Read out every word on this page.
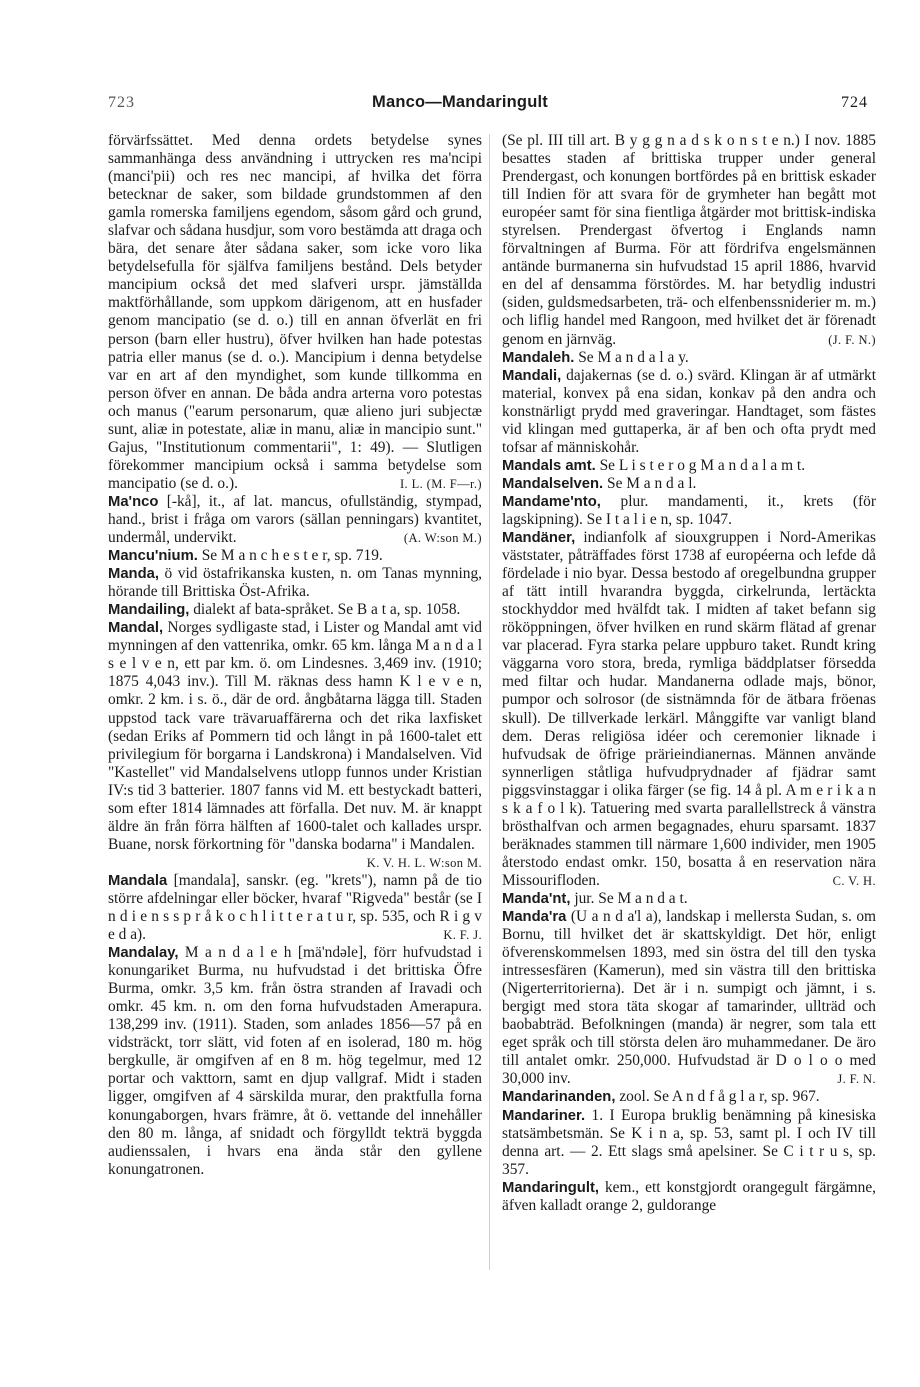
723	Manco—Mandaringult	724

förvärfssättet. Med denna ordets betydelse synes sammanhänga dess användning i uttrycken res ma'ncipi (manci'pii) och res nec mancipi, af hvilka det förra betecknar de saker, som bildade grundstommen af den gamla romerska familjens egendom, såsom gård och grund, slafvar och sådana husdjur, som voro bestämda att draga och bära, det senare åter sådana saker, som icke voro lika betydelsefulla för själfva familjens bestånd. Dels betyder mancipium också det med slafveri urspr. jämställda maktförhållande, som uppkom därigenom, att en husfader genom mancipatio (se d. o.) till en annan öfverlät en fri person (barn eller hustru), öfver hvilken han hade potestas patria eller manus (se d. o.). Mancipium i denna betydelse var en art af den myndighet, som kunde tillkomma en person öfver en annan. De båda andra arterna voro potestas och manus ("earum personarum, quæ alieno juri subjectæ sunt, aliæ in potestate, aliæ in manu, aliæ in mancipio sunt." Gajus, "Institutionum commentarii", 1: 49). — Slutligen förekommer mancipium också i samma betydelse som mancipatio (se d. o.).	I. L. (M. F—r.)

Ma'nco [-kå], it., af lat. mancus, ofullständig, stympad, hand., brist i fråga om varors (sällan penningars) kvantitet, undermål, undervikt.	(A. W:son M.)

Mancu'nium. Se M a n c h e s t e r, sp. 719.

Manda, ö vid östafrikanska kusten, n. om Tanas mynning, hörande till Brittiska Öst-Afrika.

Mandailing, dialekt af bata-språket. Se B a t a, sp. 1058.

Mandal, Norges sydligaste stad, i Lister og Mandal amt vid mynningen af den vattenrika, omkr. 65 km. långa M a n d a l s e l v e n, ett par km. ö. om Lindesnes. 3,469 inv. (1910; 1875 4,043 inv.). Till M. räknas dess hamn K l e v e n, omkr. 2 km. i s. ö., där de ord. ångbåtarna lägga till. Staden uppstod tack vare trävaruaffärerna och det rika laxfisket (sedan Eriks af Pommern tid och långt in på 1600-talet ett privilegium för borgarna i Landskrona) i Mandalselven. Vid "Kastellet" vid Mandalselvens utlopp funnos under Kristian IV:s tid 3 batterier. 1807 fanns vid M. ett bestyckadt batteri, som efter 1814 lämnades att förfalla. Det nuv. M. är knappt äldre än från förra hälften af 1600-talet och kallades urspr. Buane, norsk förkortning för "danska bodarna" i Mandalen.
K. V. H. L. W:son M.

Mandala [mandala], sanskr. (eg. "krets"), namn på de tio större afdelningar eller böcker, hvaraf "Rigveda" består (se I n d i e n s s p r å k o c h l i t t e r a t u r, sp. 535, och R i g v e d a).	K. F. J.

Mandalay, M a n d a l e h [mä'ndəle], förr hufvudstad i konungariket Burma, nu hufvudstad i det brittiska Öfre Burma, omkr. 3,5 km. från östra stranden af Iravadi och omkr. 45 km. n. om den forna hufvudstaden Amerapura. 138,299 inv. (1911). Staden, som anlades 1856—57 på en vidsträckt, torr slätt, vid foten af en isolerad, 180 m. hög bergkulle, är omgifven af en 8 m. hög tegelmur, med 12 portar och vakttorn, samt en djup vallgraf. Midt i staden ligger, omgifven af 4 särskilda murar, den praktfulla forna konungaborgen, hvars främre, åt ö. vettande del innehåller den 80 m. långa, af snidadt och förgylldt tekträ byggda audienssalen, i hvars ena ända står den gyllene konungatronen.

(Se pl. III till art. B y g g n a d s k o n s t e n.) I nov. 1885 besattes staden af brittiska trupper under general Prendergast, och konungen bortfördes på en brittisk eskader till Indien för att svara för de grymheter han begått mot européer samt för sina fientliga åtgärder mot brittisk-indiska styrelsen. Prendergast öfvertog i Englands namn förvaltningen af Burma. För att fördrifva engelsmännen antände burmanerna sin hufvudstad 15 april 1886, hvarvid en del af densamma förstördes. M. har betydlig industri (siden, guldsmedsarbeten, trä- och elfenbenssniderier m. m.) och liflig handel med Rangoon, med hvilket det är förenadt genom en järnväg.	(J. F. N.)

Mandaleh. Se M a n d a l a y.

Mandali, dajakernas (se d. o.) svärd. Klingan är af utmärkt material, konvex på ena sidan, konkav på den andra och konstnärligt prydd med graveringar. Handtaget, som fästes vid klingan med guttaperka, är af ben och ofta prydt med tofsar af människohår.

Mandals amt. Se L i s t e r o g M a n d a l a m t.

Mandalselven. Se M a n d a l.

Mandame'nto, plur. mandamenti, it., krets (för lagskipning). Se I t a l i e n, sp. 1047.

Mandäner, indianfolk af siouxgruppen i Nord-Amerikas väststater, påträffades först 1738 af européerna och lefde då fördelade i nio byar. Dessa bestodo af oregelbundna grupper af tätt intill hvarandra byggda, cirkelrunda, lertäckta stockhyddor med hvälfdt tak. I midten af taket befann sig rököppningen, öfver hvilken en rund skärm flätad af grenar var placerad. Fyra starka pelare uppburo taket. Rundt kring väggarna voro stora, breda, rymliga bäddplatser försedda med filtar och hudar. Mandanerna odlade majs, bönor, pumpor och solrosor (de sistnämnda för de ätbara fröenas skull). De tillverkade lerkärl. Månggifte var vanligt bland dem. Deras religiösa idéer och ceremonier liknade i hufvudsak de öfrige prärieindianernas. Männen använde synnerligen ståtliga hufvudprydnader af fjädrar samt piggsvinstaggar i olika färger (se fig. 14 å pl. A m e r i k a n s k a f o l k). Tatuering med svarta parallellstreck å vänstra brösthalfvan och armen begagnades, ehuru sparsamt. 1837 beräknades stammen till närmare 1,600 individer, men 1905 återstodo endast omkr. 150, bosatta å en reservation nära Missourifloden.	C. V. H.

Manda'nt, jur. Se M a n d a t.

Manda'ra (U a n d a'l a), landskap i mellersta Sudan, s. om Bornu, till hvilket det är skattskyldigt. Det hör, enligt öfverenskommelsen 1893, med sin östra del till den tyska intressesfären (Kamerun), med sin västra till den brittiska (Nigerterritorierna). Det är i n. sumpigt och jämnt, i s. bergigt med stora täta skogar af tamarinder, ullträd och baobabträd. Befolkningen (manda) är negrer, som tala ett eget språk och till största delen äro muhammedaner. De äro till antalet omkr. 250,000. Hufvudstad är D o l o o med 30,000 inv.	J. F. N.

Mandarinanden, zool. Se A n d f å g l a r, sp. 967.

Mandariner. 1. I Europa bruklig benämning på kinesiska statsämbetsmän. Se K i n a, sp. 53, samt pl. I och IV till denna art. — 2. Ett slags små apelsiner. Se C i t r u s, sp. 357.

Mandaringult, kem., ett konstgjordt orangegult färgämne, äfven kalladt orange 2, guldorange
